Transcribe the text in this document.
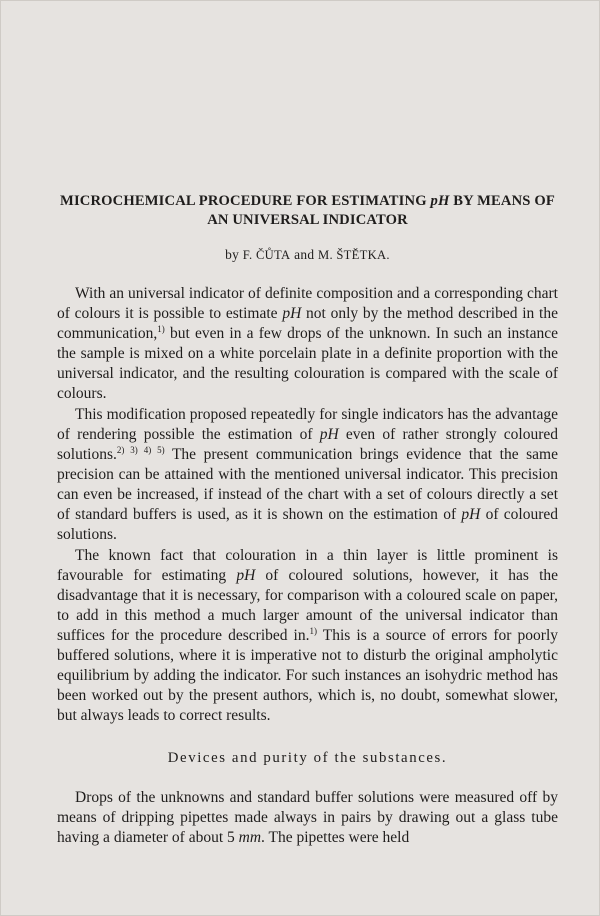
MICROCHEMICAL PROCEDURE FOR ESTIMATING pH BY MEANS OF AN UNIVERSAL INDICATOR

by F. ČŮTA and M. ŠTĚTKA.

With an universal indicator of definite composition and a corresponding chart of colours it is possible to estimate pH not only by the method described in the communication,$^{1)}$ but even in a few drops of the unknown. In such an instance the sample is mixed on a white porcelain plate in a definite proportion with the universal indicator, and the resulting colouration is compared with the scale of colours.

This modification proposed repeatedly for single indicators has the advantage of rendering possible the estimation of pH even of rather strongly coloured solutions.$^{2) 3) 4) 5)}$ The present communication brings evidence that the same precision can be attained with the mentioned universal indicator. This precision can even be increased, if instead of the chart with a set of colours directly a set of standard buffers is used, as it is shown on the estimation of pH of coloured solutions.

The known fact that colouration in a thin layer is little prominent is favourable for estimating pH of coloured solutions, however, it has the disadvantage that it is necessary, for comparison with a coloured scale on paper, to add in this method a much larger amount of the universal indicator than suffices for the procedure described in.$^{1)}$ This is a source of errors for poorly buffered solutions, where it is imperative not to disturb the original ampholytic equilibrium by adding the indicator. For such instances an isohydric method has been worked out by the present authors, which is, no doubt, somewhat slower, but always leads to correct results.

Devices and purity of the substances.

Drops of the unknowns and standard buffer solutions were measured off by means of dripping pipettes made always in pairs by drawing out a glass tube having a diameter of about 5 mm. The pipettes were held
